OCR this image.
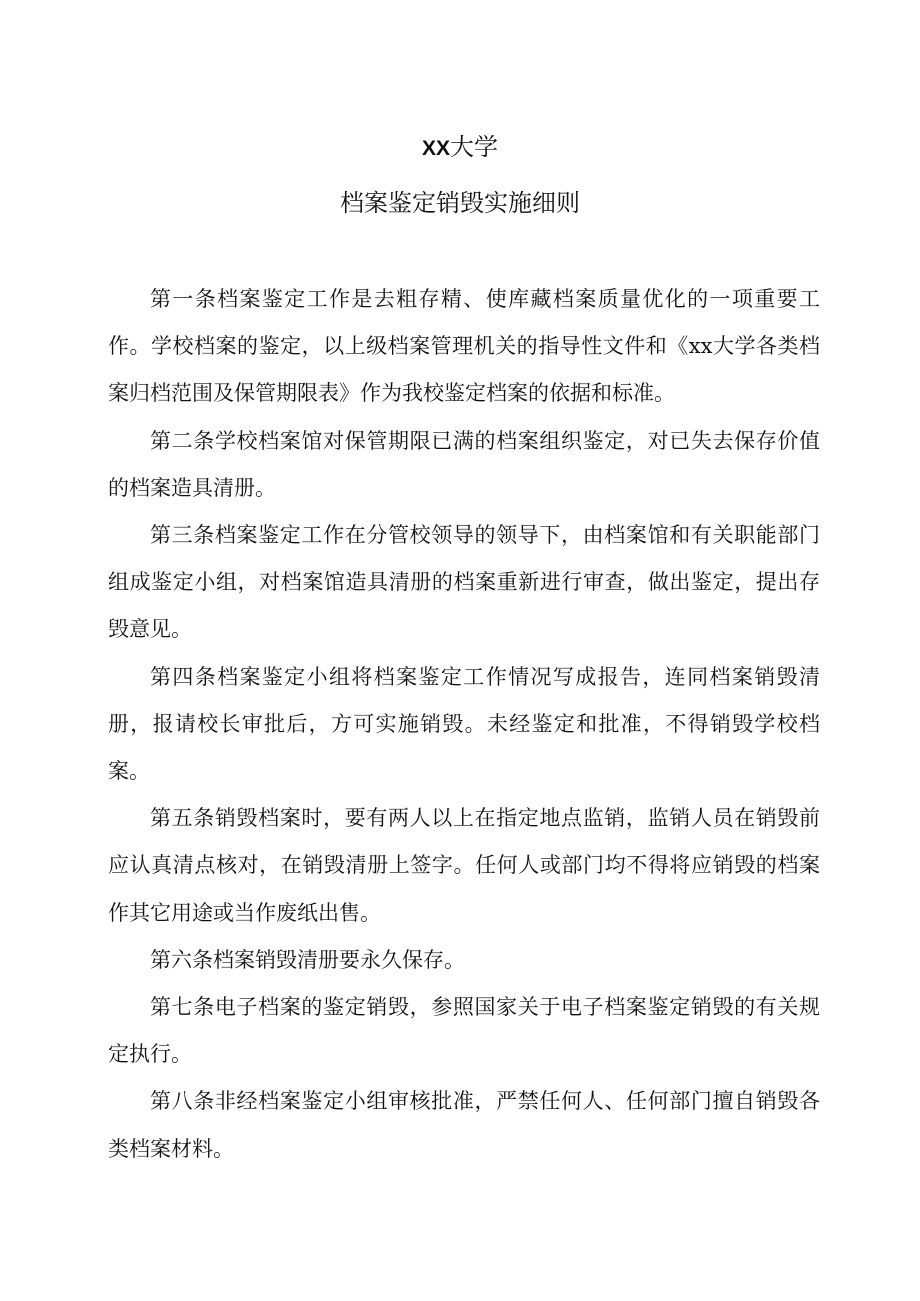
XX大学
档案鉴定销毁实施细则

第一条档案鉴定工作是去粗存精、使库藏档案质量优化的一项重要工作。学校档案的鉴定，以上级档案管理机关的指导性文件和《xx大学各类档案归档范围及保管期限表》作为我校鉴定档案的依据和标准。

第二条学校档案馆对保管期限已满的档案组织鉴定，对已失去保存价值的档案造具清册。

第三条档案鉴定工作在分管校领导的领导下，由档案馆和有关职能部门组成鉴定小组，对档案馆造具清册的档案重新进行审查，做出鉴定，提出存毁意见。

第四条档案鉴定小组将档案鉴定工作情况写成报告，连同档案销毁清册，报请校长审批后，方可实施销毁。未经鉴定和批准，不得销毁学校档案。

第五条销毁档案时，要有两人以上在指定地点监销，监销人员在销毁前应认真清点核对，在销毁清册上签字。任何人或部门均不得将应销毁的档案作其它用途或当作废纸出售。

第六条档案销毁清册要永久保存。

第七条电子档案的鉴定销毁，参照国家关于电子档案鉴定销毁的有关规定执行。

第八条非经档案鉴定小组审核批准，严禁任何人、任何部门擅自销毁各类档案材料。
